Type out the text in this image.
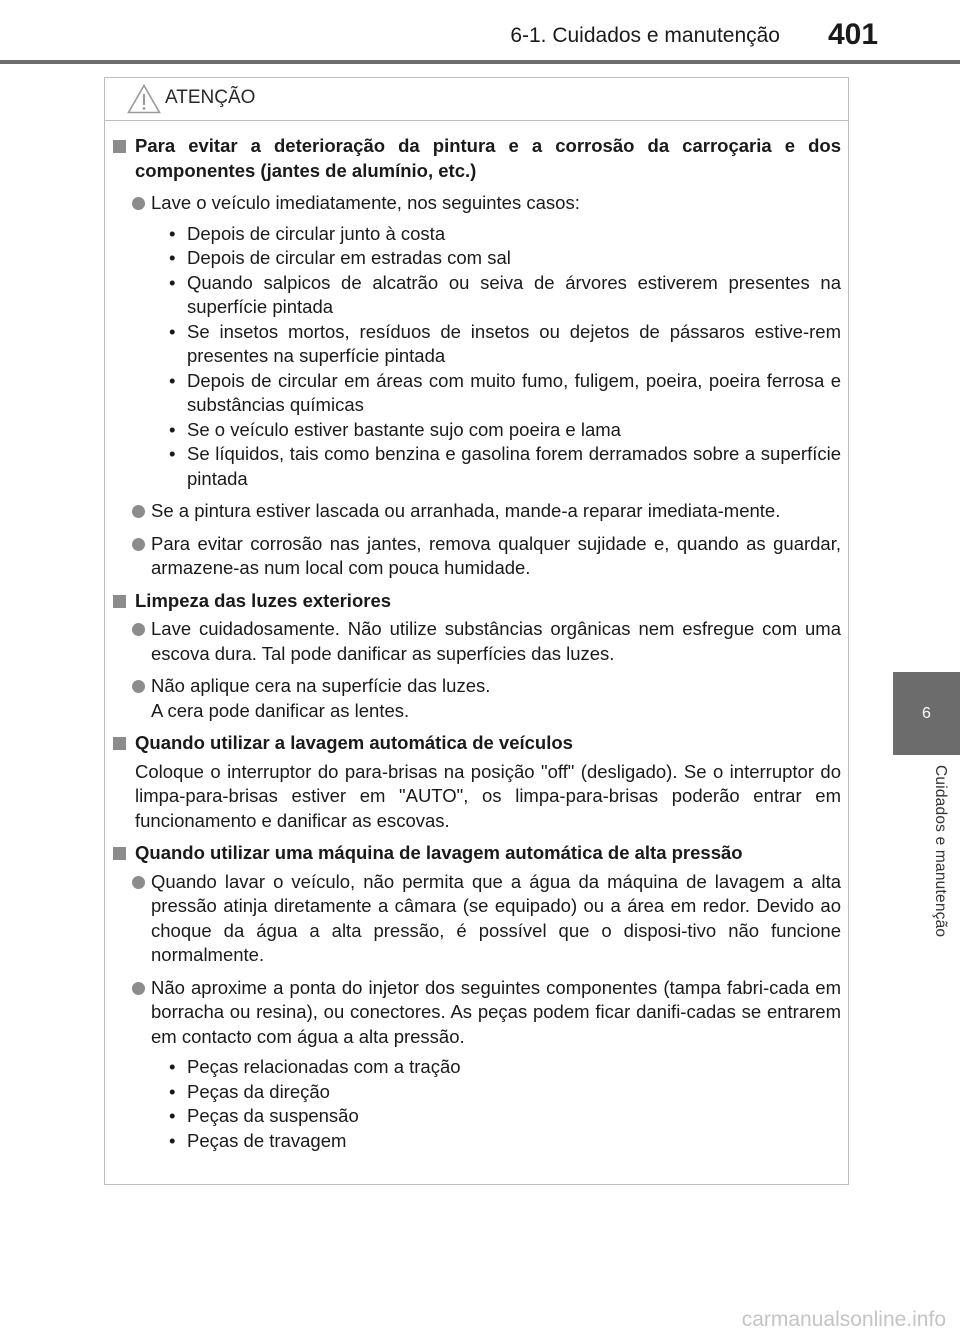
6-1. Cuidados e manutenção 401
6
Cuidados e manutenção
ATENÇÃO
Para evitar a deterioração da pintura e a corrosão da carroçaria e dos componentes (jantes de alumínio, etc.)
Lave o veículo imediatamente, nos seguintes casos:
• Depois de circular junto à costa
• Depois de circular em estradas com sal
• Quando salpicos de alcatrão ou seiva de árvores estiverem presentes na superfície pintada
• Se insetos mortos, resíduos de insetos ou dejetos de pássaros estive-rem presentes na superfície pintada
• Depois de circular em áreas com muito fumo, fuligem, poeira, poeira ferrosa e substâncias químicas
• Se o veículo estiver bastante sujo com poeira e lama
• Se líquidos, tais como benzina e gasolina forem derramados sobre a superfície pintada
Se a pintura estiver lascada ou arranhada, mande-a reparar imediata-mente.
Para evitar corrosão nas jantes, remova qualquer sujidade e, quando as guardar, armazene-as num local com pouca humidade.
Limpeza das luzes exteriores
Lave cuidadosamente. Não utilize substâncias orgânicas nem esfregue com uma escova dura. Tal pode danificar as superfícies das luzes.
Não aplique cera na superfície das luzes.
A cera pode danificar as lentes.
Quando utilizar a lavagem automática de veículos
Coloque o interruptor do para-brisas na posição "off" (desligado). Se o interruptor do limpa-para-brisas estiver em "AUTO", os limpa-para-brisas poderão entrar em funcionamento e danificar as escovas.
Quando utilizar uma máquina de lavagem automática de alta pressão
Quando lavar o veículo, não permita que a água da máquina de lavagem a alta pressão atinja diretamente a câmara (se equipado) ou a área em redor. Devido ao choque da água a alta pressão, é possível que o disposi-tivo não funcione normalmente.
Não aproxime a ponta do injetor dos seguintes componentes (tampa fabri-cada em borracha ou resina), ou conectores. As peças podem ficar danifi-cadas se entrarem em contacto com água a alta pressão.
• Peças relacionadas com a tração
• Peças da direção
• Peças da suspensão
• Peças de travagem
carmanualsonline.info
